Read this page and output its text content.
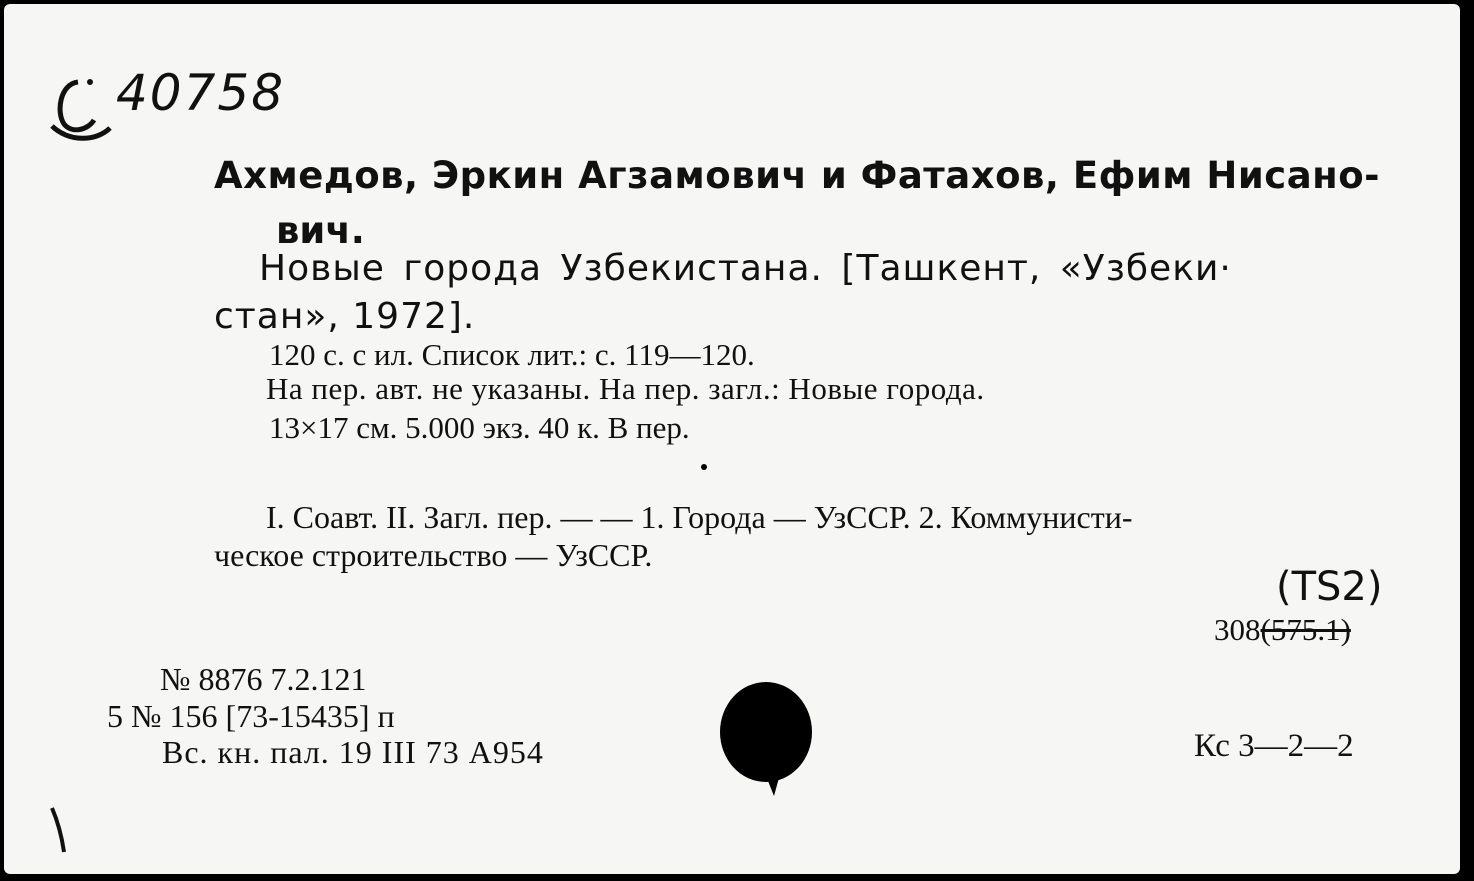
40758
Ахмедов, Эркин Агзамович и Фатахов, Ефим Нисано-
вич.
Новые города Узбекистана. [Ташкент, «Узбеки·
стан», 1972].
120 с. с ил. Список лит.: с. 119—120.
На пер. авт. не указаны. На пер. загл.: Новые города.
13×17 см. 5.000 экз. 40 к. В пер.
I. Соавт. II. Загл. пер. — — 1. Города — УзССР. 2. Коммунисти-
ческое строительство — УзССР.
(ТS2)
308(575.1)
№ 8876 7.2.121
5 № 156 [73-15435] п
Вс. кн. пал. 19 III 73 А954	Кс 3—2—2
